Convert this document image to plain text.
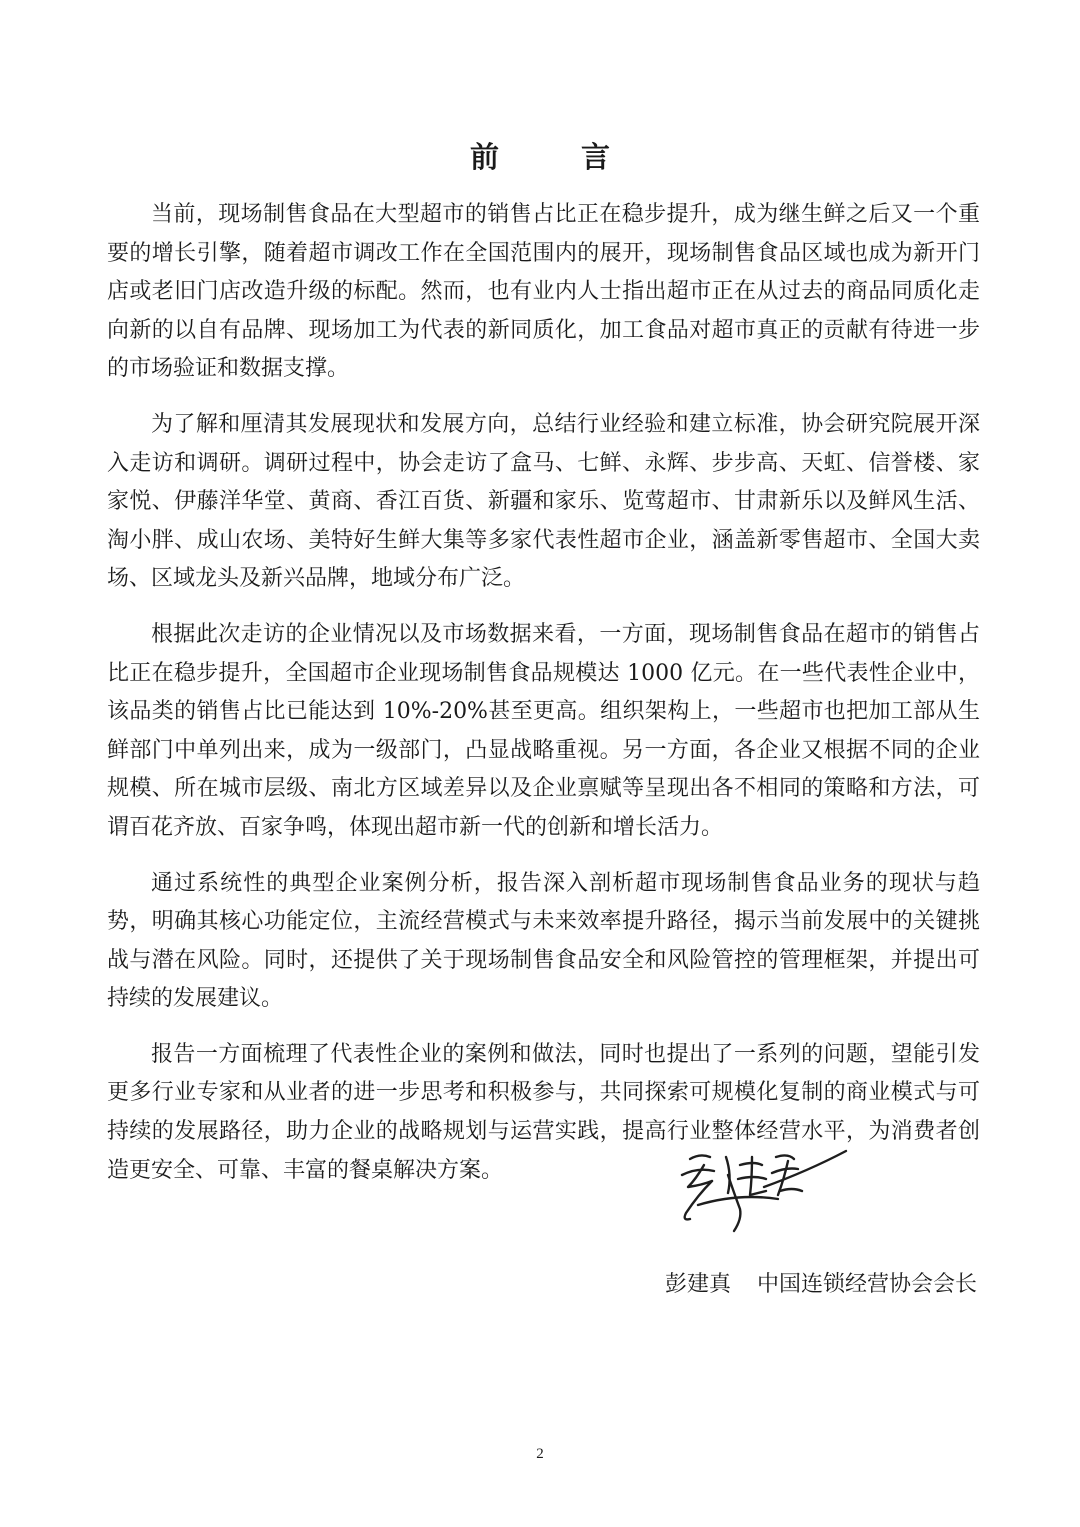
前 言

当前，现场制售食品在大型超市的销售占比正在稳步提升，成为继生鲜之后又一个重要的增长引擎，随着超市调改工作在全国范围内的展开，现场制售食品区域也成为新开门店或老旧门店改造升级的标配。然而，也有业内人士指出超市正在从过去的商品同质化走向新的以自有品牌、现场加工为代表的新同质化，加工食品对超市真正的贡献有待进一步的市场验证和数据支撑。

为了解和厘清其发展现状和发展方向，总结行业经验和建立标准，协会研究院展开深入走访和调研。调研过程中，协会走访了盒马、七鲜、永辉、步步高、天虹、信誉楼、家家悦、伊藤洋华堂、黄商、香江百货、新疆和家乐、览莺超市、甘肃新乐以及鲜风生活、淘小胖、成山农场、美特好生鲜大集等多家代表性超市企业，涵盖新零售超市、全国大卖场、区域龙头及新兴品牌，地域分布广泛。

根据此次走访的企业情况以及市场数据来看，一方面，现场制售食品在超市的销售占比正在稳步提升，全国超市企业现场制售食品规模达 1000 亿元。在一些代表性企业中，该品类的销售占比已能达到 10%-20%甚至更高。组织架构上，一些超市也把加工部从生鲜部门中单列出来，成为一级部门，凸显战略重视。另一方面，各企业又根据不同的企业规模、所在城市层级、南北方区域差异以及企业禀赋等呈现出各不相同的策略和方法，可谓百花齐放、百家争鸣，体现出超市新一代的创新和增长活力。

通过系统性的典型企业案例分析，报告深入剖析超市现场制售食品业务的现状与趋势，明确其核心功能定位，主流经营模式与未来效率提升路径，揭示当前发展中的关键挑战与潜在风险。同时，还提供了关于现场制售食品安全和风险管控的管理框架，并提出可持续的发展建议。

报告一方面梳理了代表性企业的案例和做法，同时也提出了一系列的问题，望能引发更多行业专家和从业者的进一步思考和积极参与，共同探索可规模化复制的商业模式与可持续的发展路径，助力企业的战略规划与运营实践，提高行业整体经营水平，为消费者创造更安全、可靠、丰富的餐桌解决方案。

彭建真 中国连锁经营协会会长
2
